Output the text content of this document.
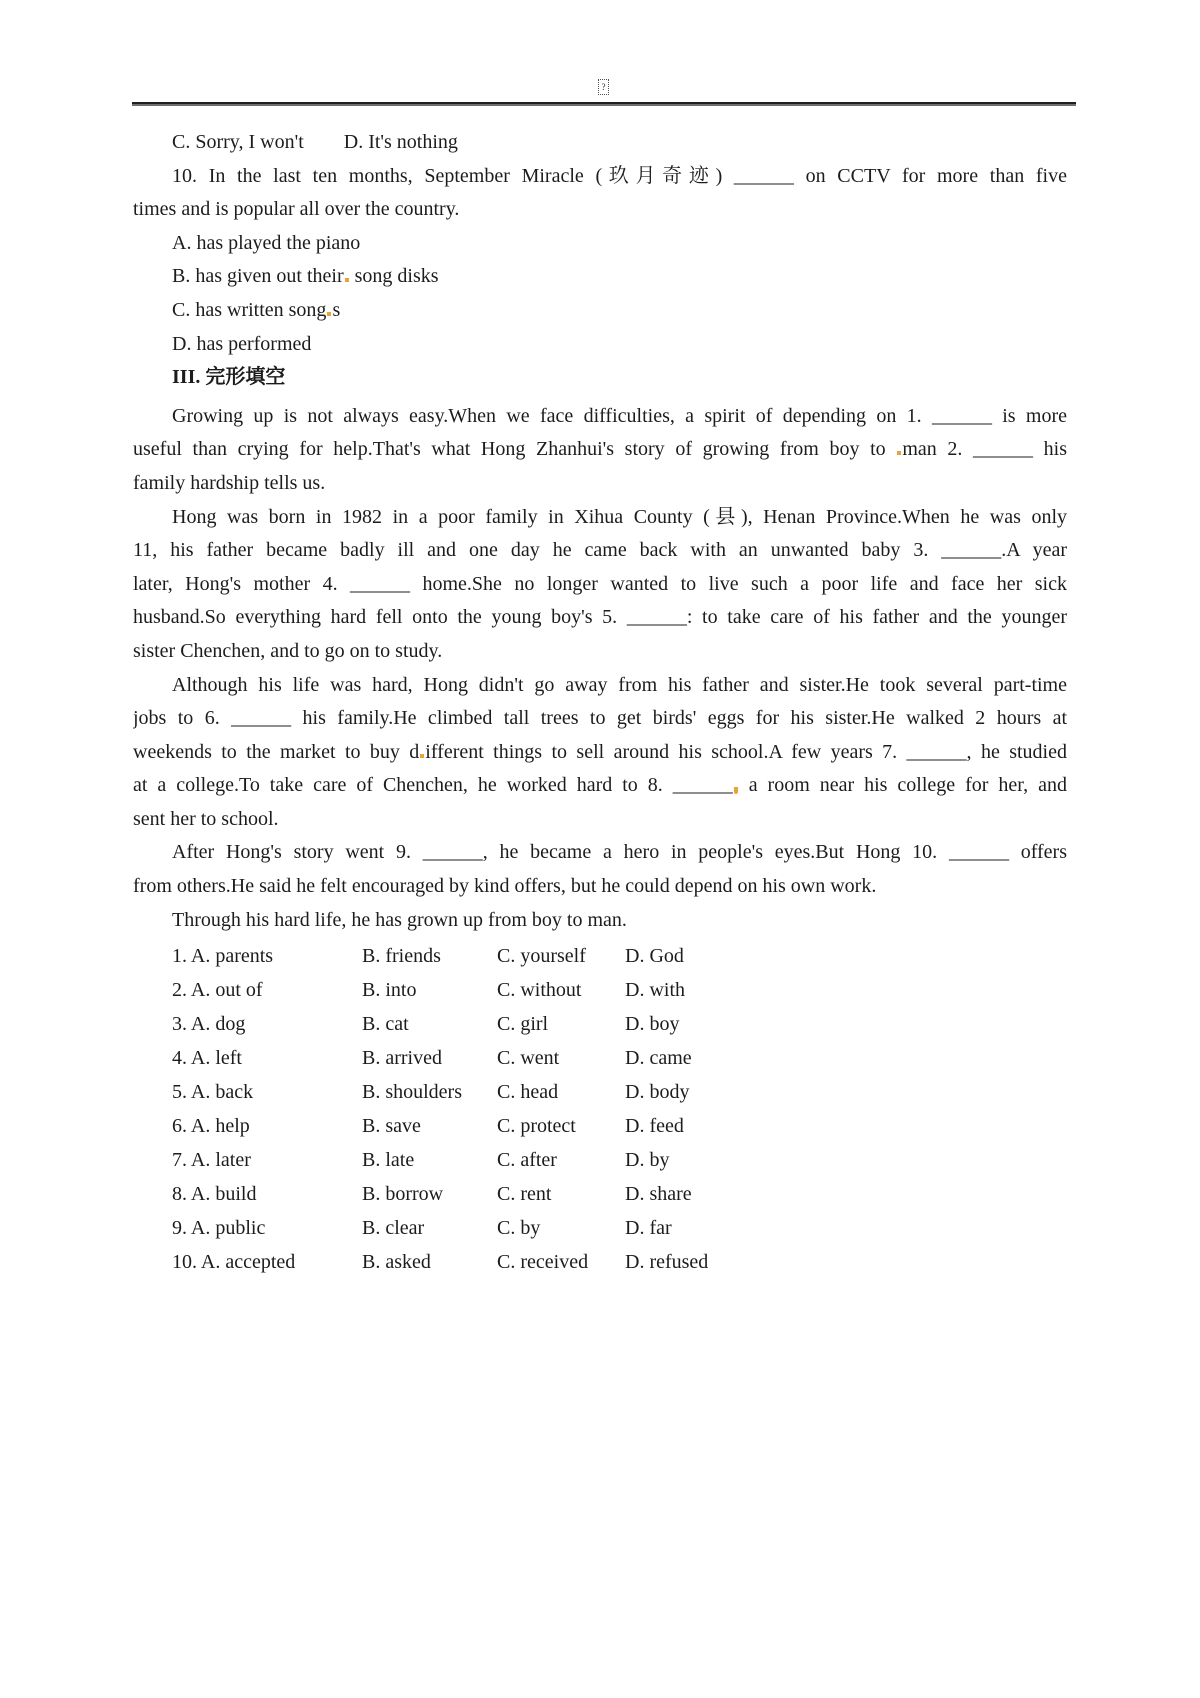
?
C. Sorry, I won't D. It's nothing
10. In the last ten months, September Miracle (玖月奇迹) ______ on CCTV for more than five
times and is popular all over the country.
A. has played the piano
B. has given out their song disks
C. has written song s
D. has performed
III. 完形填空
Growing up is not always easy.When we face difficulties, a spirit of depending on 1. ______ is more
useful than crying for help.That's what Hong Zhanhui's story of growing from boy to man 2. ______ his
family hardship tells us.
Hong was born in 1982 in a poor family in Xihua County (县), Henan Province.When he was only
11, his father became badly ill and one day he came back with an unwanted baby 3. ______.A year
later, Hong's mother 4. ______ home.She no longer wanted to live such a poor life and face her sick
husband.So everything hard fell onto the young boy's 5. ______: to take care of his father and the younger
sister Chenchen, and to go on to study.
Although his life was hard, Hong didn't go away from his father and sister.He took several part-time
jobs to 6. ______ his family.He climbed tall trees to get birds' eggs for his sister.He walked 2 hours at
weekends to the market to buy d ifferent things to sell around his school.A few years 7. ______, he studied
at a college.To take care of Chenchen, he worked hard to 8. ______ a room near his college for her, and
sent her to school.
After Hong's story went 9. ______, he became a hero in people's eyes.But Hong 10. ______ offers
from others.He said he felt encouraged by kind offers, but he could depend on his own work.
Through his hard life, he has grown up from boy to man.
1. A. parents	B. friends	C. yourself	D. God
2. A. out of	B. into	C. without	D. with
3. A. dog	B. cat	C. girl	D. boy
4. A. left	B. arrived	C. went	D. came
5. A. back	B. shoulders	C. head	D. body
6. A. help	B. save	C. protect	D. feed
7. A. later	B. late	C. after	D. by
8. A. build	B. borrow	C. rent	D. share
9. A. public	B. clear	C. by	D. far
10. A. accepted	B. asked	C. received	D. refused
